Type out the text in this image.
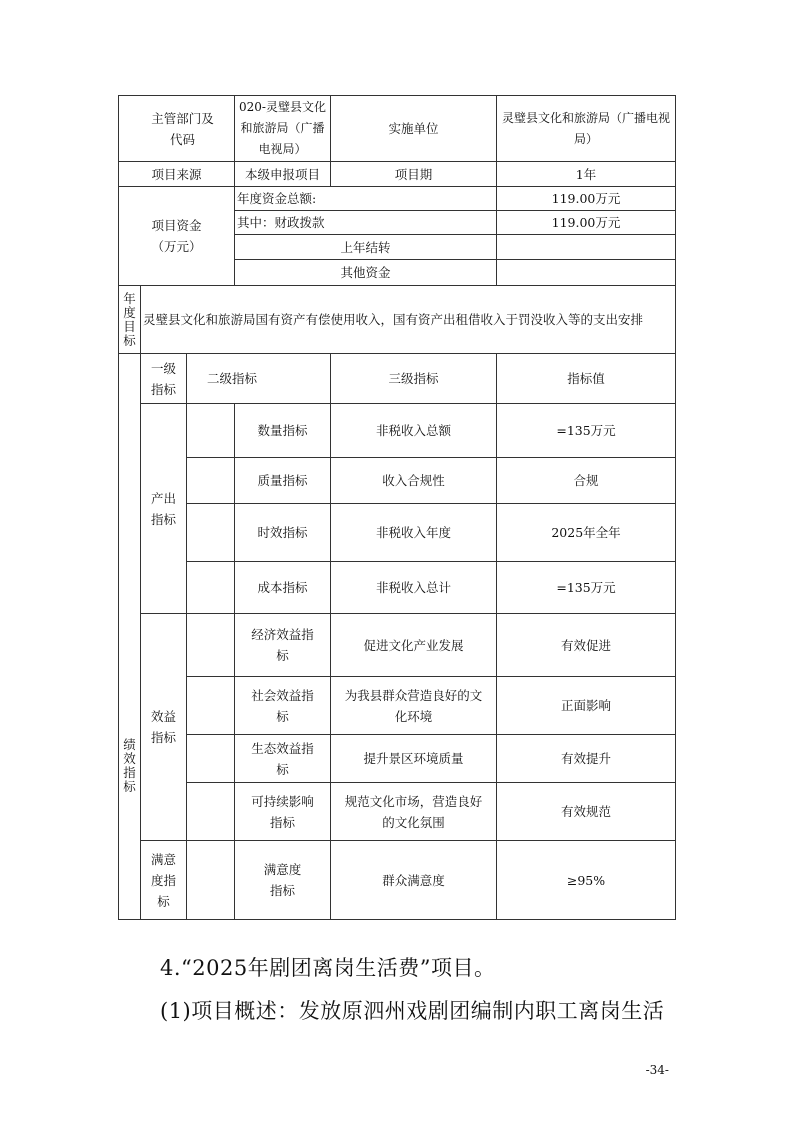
主管部门及代码			020-灵璧县文化和旅游局（广播电视局）	实施单位	灵璧县文化和旅游局（广播电视局）
项目来源			本级申报项目	项目期	1年
项目资金（万元）			年度资金总额:		119.00万元
			其中：财政拨款		119.00万元
			上年结转		
			其他资金		
年度目标	灵璧县文化和旅游局国有资产有偿使用收入，国有资产出租借收入于罚没收入等的支出安排				
绩效指标	一级指标	二级指标		三级指标	指标值
	产出指标		数量指标	非税收入总额	=135万元
			质量指标	收入合规性	合规
			时效指标	非税收入年度	2025年全年
			成本指标	非税收入总计	=135万元
	效益指标		经济效益指标	促进文化产业发展	有效促进
			社会效益指标	为我县群众营造良好的文化环境	正面影响
			生态效益指标	提升景区环境质量	有效提升
			可持续影响指标	规范文化市场，营造良好的文化氛围	有效规范
	满意度指标		满意度指标	群众满意度	≥95%
4.“2025年剧团离岗生活费”项目。
(1)项目概述：发放原泗州戏剧团编制内职工离岗生活
-34-
